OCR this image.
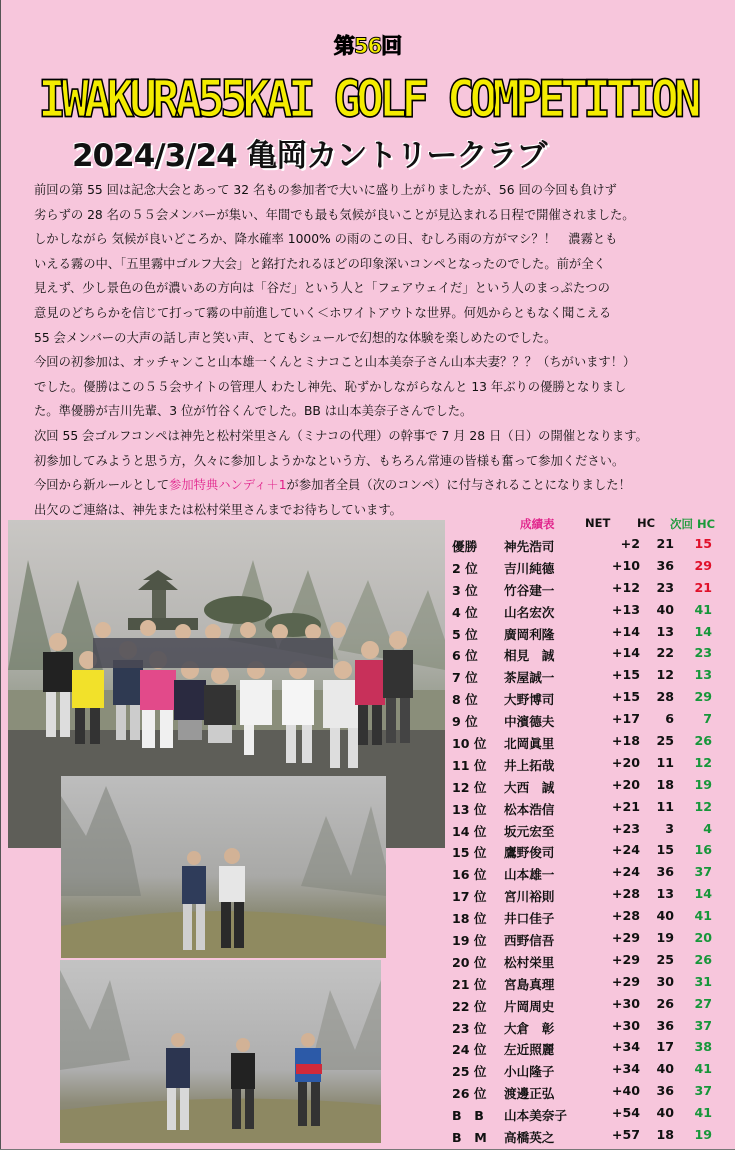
第56回
IWAKURA55KAI GOLF COMPETITION
2024/3/24 亀岡カントリークラブ

前回の第 55 回は記念大会とあって 32 名もの参加者で大いに盛り上がりましたが、56 回の今回も負けず

劣らずの 28 名の５５会メンバーが集い、年間でも最も気候が良いことが見込まれる日程で開催されました。

しかしながら 気候が良いどころか、降水確率 1000% の雨のこの日、むしろ雨の方がマシ？！　濃霧とも

いえる霧の中、「五里霧中ゴルフ大会」と銘打たれるほどの印象深いコンペとなったのでした。前が全く

見えず、少し景色の色が濃いあの方向は「谷だ」という人と「フェアウェイだ」という人のまっぷたつの

意見のどちらかを信じて打って霧の中前進していく＜ホワイトアウトな世界。何処からともなく聞こえる

55 会メンバーの大声の話し声と笑い声、とてもシュールで幻想的な体験を楽しめたのでした。

今回の初参加は、オッチャンこと山本雄一くんとミナコこと山本美奈子さん山本夫妻？？？（ちがいます！）

でした。優勝はこの５５会サイトの管理人 わたし神先、恥ずかしながらなんと 13 年ぶりの優勝となりまし

た。準優勝が吉川先輩、3 位が竹谷くんでした。BB は山本美奈子さんでした。

次回 55 会ゴルフコンペは神先と松村栄里さん（ミナコの代理）の幹事で 7 月 28 日（日）の開催となります。

初参加してみようと思う方，久々に参加しようかなという方、もちろん常連の皆様も奮って参加ください。

今回から新ルールとして参加特典ハンディ＋1が参加者全員（次のコンペ）に付与されることになりました！

出欠のご連絡は、神先または松村栄里さんまでお待ちしています。

成績表	NET HC 次回 HC
優勝 神先浩司	+2	21	15
2 位 吉川純德	+10	36	29
3 位 竹谷建一	+12	23	21
4 位 山名宏次	+13	40	41
5 位 廣岡利隆	+14	13	14
6 位 相見　誠	+14	22	23
7 位 茶屋誠一	+15	12	13
8 位 大野博司	+15	28	29
9 位 中濱德夫	+17	6	7
10 位 北岡眞里	+18	25	26
11 位 井上拓哉	+20	11	12
12 位 大西　誠	+20	18	19
13 位 松本浩信	+21	11	12
14 位 坂元宏至	+23	3	4
15 位 鷹野俊司	+24	15	16
16 位 山本雄一	+24	36	37
17 位 宮川裕則	+28	13	14
18 位 井口佳子	+28	40	41
19 位 西野信吾	+29	19	20
20 位 松村栄里	+29	25	26
21 位 宮島真理	+29	30	31
22 位 片岡周史	+30	26	27
23 位 大倉　彰	+30	36	37
24 位 左近照麗	+34	17	38
25 位 小山隆子	+34	40	41
26 位 渡邊正弘	+40	36	37
B　B 山本美奈子	+54	40	41
B　M 高橋英之	+57	18	19
